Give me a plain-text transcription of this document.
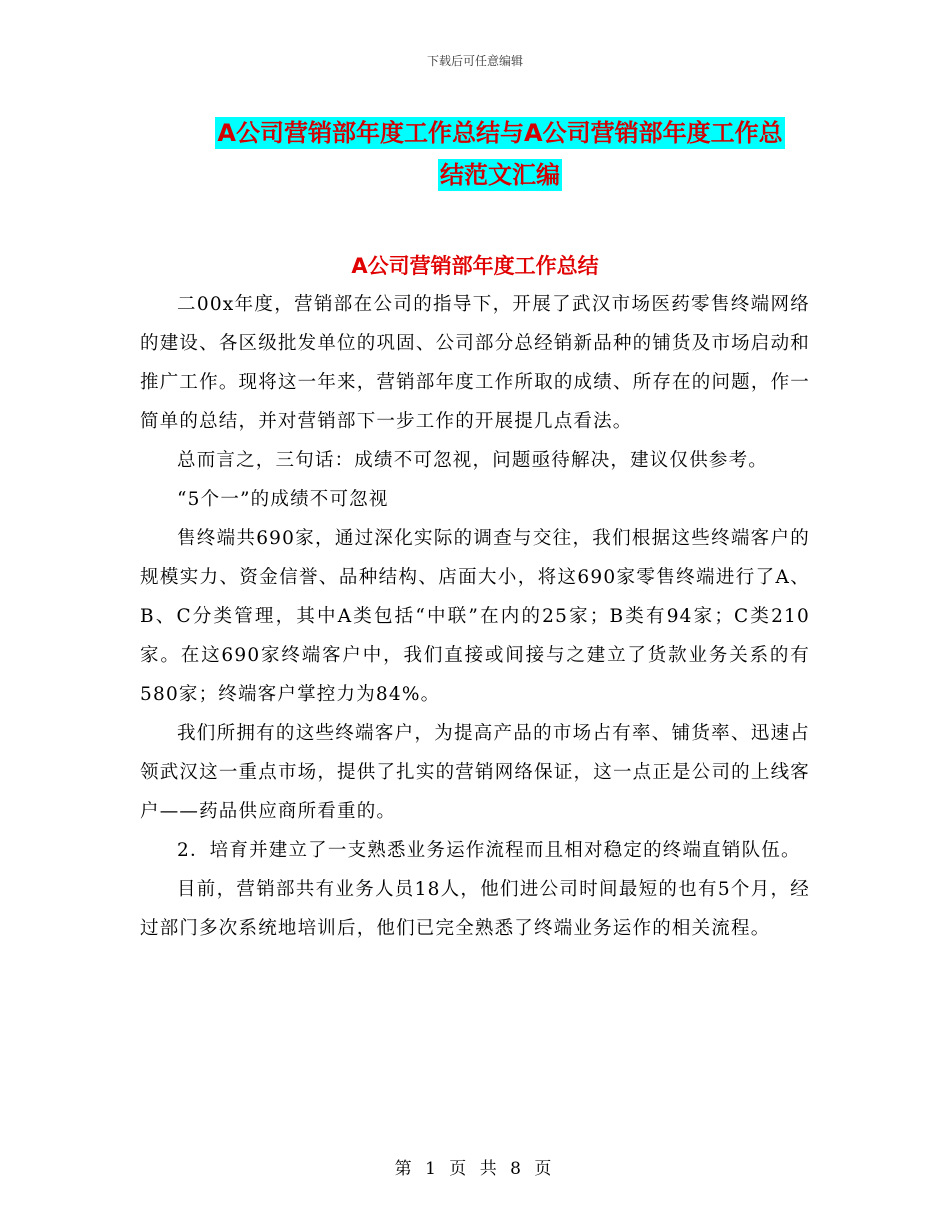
下载后可任意编辑
A公司营销部年度工作总结与A公司营销部年度工作总
结范文汇编
A公司营销部年度工作总结

二00x年度，营销部在公司的指导下，开展了武汉市场医药零售终端网络的建设、各区级批发单位的巩固、公司部分总经销新品种的铺货及市场启动和推广工作。现将这一年来，营销部年度工作所取的成绩、所存在的问题，作一简单的总结，并对营销部下一步工作的开展提几点看法。

总而言之，三句话：成绩不可忽视，问题亟待解决，建议仅供参考。

“5个一”的成绩不可忽视

售终端共690家，通过深化实际的调查与交往，我们根据这些终端客户的规模实力、资金信誉、品种结构、店面大小，将这690家零售终端进行了A、B、C分类管理，其中A类包括“中联”在内的25家；B类有94家；C类210家。在这690家终端客户中，我们直接或间接与之建立了货款业务关系的有580家；终端客户掌控力为84%。

我们所拥有的这些终端客户，为提高产品的市场占有率、铺货率、迅速占领武汉这一重点市场，提供了扎实的营销网络保证，这一点正是公司的上线客户——药品供应商所看重的。

2．培育并建立了一支熟悉业务运作流程而且相对稳定的终端直销队伍。

目前，营销部共有业务人员18人，他们进公司时间最短的也有5个月，经过部门多次系统地培训后，他们已完全熟悉了终端业务运作的相关流程。

第 1 页 共 8 页
